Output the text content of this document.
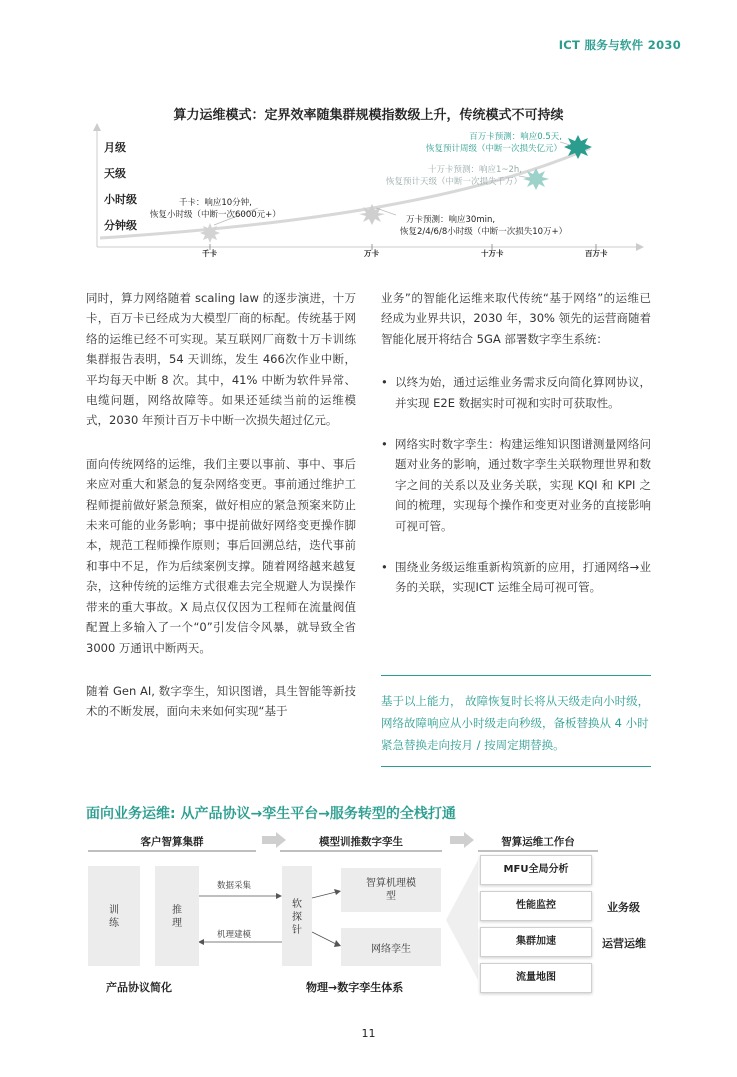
ICT 服务与软件 2030
算力运维模式：定界效率随集群规模指数级上升，传统模式不可持续
月级
天级
小时级
分钟级
千卡	万卡	十万卡	百万卡
千卡：响应10分钟,
恢复小时级（中断一次6000元+）	万卡预测：响应30min,
恢复2/4/6/8小时级（中断一次损失10万+）
十万卡预测：响应1~2h,
恢复预计天级（中断一次损失千万）
百万卡预测：响应0.5天,
恢复预计周级（中断一次损失亿元）

同时，算力网络随着 scaling law 的逐步演进，十万卡，百万卡已经成为大模型厂商的标配。传统基于网络的运维已经不可实现。某互联网厂商数十万卡训练集群报告表明，54 天训练，发生 466次作业中断，平均每天中断 8 次。其中，41% 中断为软件异常、电缆问题，网络故障等。如果还延续当前的运维模式，2030 年预计百万卡中断一次损失超过亿元。

面向传统网络的运维，我们主要以事前、事中、事后来应对重大和紧急的复杂网络变更。事前通过维护工程师提前做好紧急预案，做好相应的紧急预案来防止未来可能的业务影响；事中提前做好网络变更操作脚本，规范工程师操作原则；事后回溯总结，迭代事前和事中不足，作为后续案例支撑。随着网络越来越复杂，这种传统的运维方式很难去完全规避人为误操作带来的重大事故。X 局点仅仅因为工程师在流量阀值配置上多输入了一个“0”引发信令风暴，就导致全省 3000 万通讯中断两天。

随着 Gen AI, 数字孪生，知识图谱，具生智能等新技术的不断发展，面向未来如何实现“基于

业务”的智能化运维来取代传统“基于网络”的运维已经成为业界共识，2030 年，30% 领先的运营商随着智能化展开将结合 5GA 部署数字孪生系统：

• 以终为始，通过运维业务需求反向简化算网协议，并实现 E2E 数据实时可视和实时可获取性。
• 网络实时数字孪生：构建运维知识图谱测量网络问题对业务的影响，通过数字孪生关联物理世界和数字之间的关系以及业务关联，实现 KQI 和 KPI 之间的梳理，实现每个操作和变更对业务的直接影响可视可管。
• 围绕业务级运维重新构筑新的应用，打通网络→业务的关联，实现ICT 运维全局可视可管。
基于以上能力， 故障恢复时长将从天级走向小时级，网络故障响应从小时级走向秒级，备板替换从 4 小时紧急替换走向按月 / 按周定期替换。
面向业务运维: 从产品协议→孪生平台→服务转型的全栈打通
客户智算集群	模型训推数字孪生	智算运维工作台
训练
推理
数据采集
机理建模
软探针
智算机理模型
网络孪生
MFU全局分析
性能监控
集群加速
流量地图
业务级
运营运维
产品协议简化	物理→数字孪生体系
11
